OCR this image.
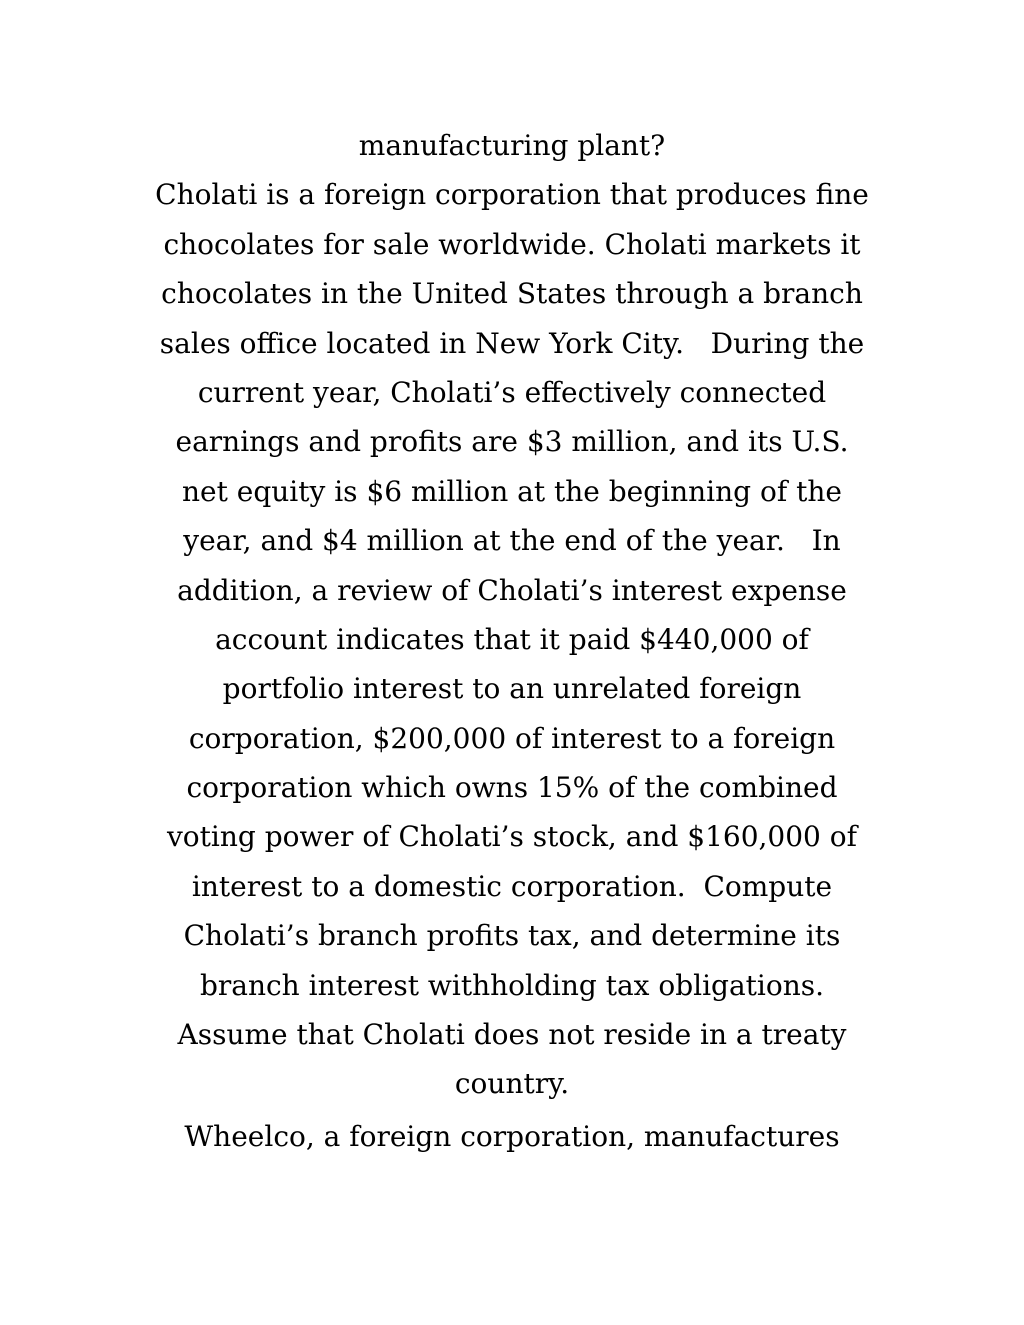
manufacturing plant?
Cholati is a foreign corporation that produces fine
chocolates for sale worldwide. Cholati markets it
chocolates in the United States through a branch
sales office located in New York City.   During the
current year, Cholati’s effectively connected
earnings and profits are $3 million, and its U.S.
net equity is $6 million at the beginning of the
year, and $4 million at the end of the year.   In
addition, a review of Cholati’s interest expense
account indicates that it paid $440,000 of
portfolio interest to an unrelated foreign
corporation, $200,000 of interest to a foreign
corporation which owns 15% of the combined
voting power of Cholati’s stock, and $160,000 of
interest to a domestic corporation.  Compute
Cholati’s branch profits tax, and determine its
branch interest withholding tax obligations.
Assume that Cholati does not reside in a treaty
country.
Wheelco, a foreign corporation, manufactures
